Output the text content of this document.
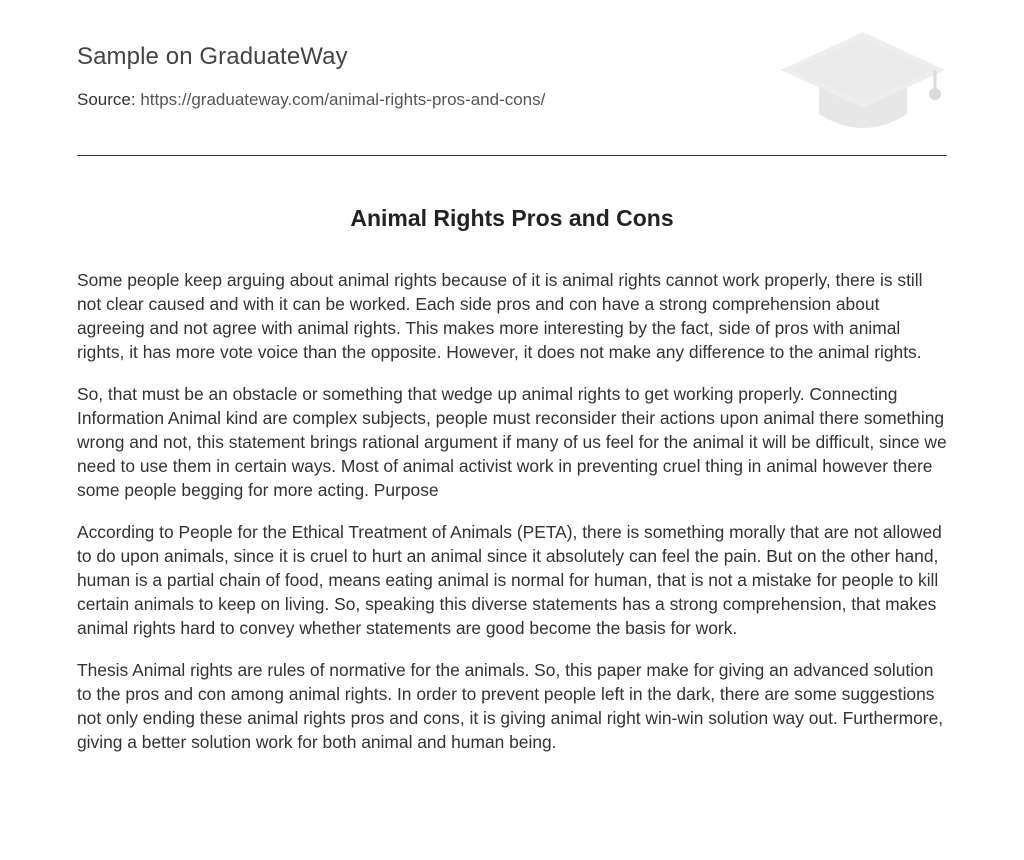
Sample on GraduateWay
Source: https://graduateway.com/animal-rights-pros-and-cons/
Animal Rights Pros and Cons

Some people keep arguing about animal rights because of it is animal rights cannot work properly, there is still not clear caused and with it can be worked. Each side pros and con have a strong comprehension about agreeing and not agree with animal rights. This makes more interesting by the fact, side of pros with animal rights, it has more vote voice than the opposite. However, it does not make any difference to the animal rights.

So, that must be an obstacle or something that wedge up animal rights to get working properly. Connecting Information Animal kind are complex subjects, people must reconsider their actions upon animal there something wrong and not, this statement brings rational argument if many of us feel for the animal it will be difficult, since we need to use them in certain ways. Most of animal activist work in preventing cruel thing in animal however there some people begging for more acting. Purpose

According to People for the Ethical Treatment of Animals (PETA), there is something morally that are not allowed to do upon animals, since it is cruel to hurt an animal since it absolutely can feel the pain. But on the other hand, human is a partial chain of food, means eating animal is normal for human, that is not a mistake for people to kill certain animals to keep on living. So, speaking this diverse statements has a strong comprehension, that makes animal rights hard to convey whether statements are good become the basis for work.

Thesis Animal rights are rules of normative for the animals. So, this paper make for giving an advanced solution to the pros and con among animal rights. In order to prevent people left in the dark, there are some suggestions not only ending these animal rights pros and cons, it is giving animal right win-win solution way out. Furthermore, giving a better solution work for both animal and human being.
